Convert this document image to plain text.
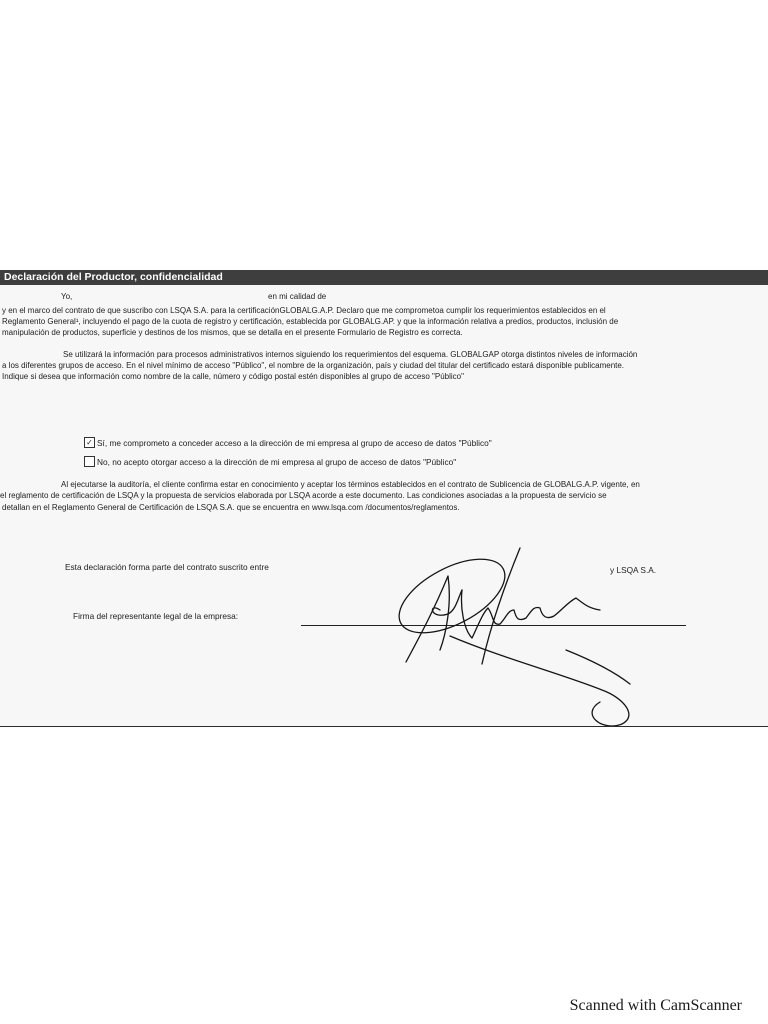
Declaración del Productor, confidencialidad
Yo,	en mi calidad de
y en el marco del contrato de que suscribo con LSQA S.A. para la certificaciónGLOBALG.A.P. Declaro que me comprometoa cumplir los requerimientos establecidos en el
Reglamento General¹, incluyendo el pago de la cuota de registro y certificación, establecida por GLOBALG.AP. y que la información relativa a predios, productos, inclusión de
manipulación de productos, superficie y destinos de los mismos, que se detalla en el presente Formulario de Registro es correcta.
Se utilizará la información para procesos administrativos internos siguiendo los requerimientos del esquema. GLOBALGAP otorga distintos niveles de información
a los diferentes grupos de acceso. En el nivel mínimo de acceso "Público", el nombre de la organización, país y ciudad del titular del certificado estará disponible publicamente.
Indique si desea que información como nombre de la calle, número y código postal estén disponibles al grupo de acceso "Público"
✓ Sí, me comprometo a conceder acceso a la dirección de mi empresa al grupo de acceso de datos "Público"
No, no acepto otorgar acceso a la dirección de mi empresa al grupo de acceso de datos "Público"
Al ejecutarse la auditoría, el cliente confirma estar en conocimiento y aceptar los términos establecidos en el contrato de Sublicencia de GLOBALG.A.P. vigente, en
el reglamento de certificación de LSQA y la propuesta de servicios elaborada por LSQA acorde a este documento. Las condiciones asociadas a la propuesta de servicio se
detallan en el Reglamento General de Certificación de LSQA S.A. que se encuentra en www.lsqa.com /documentos/reglamentos.
Esta declaración forma parte del contrato suscrito entre	y LSQA S.A.
Firma del representante legal de la empresa:
Scanned with CamScanner
